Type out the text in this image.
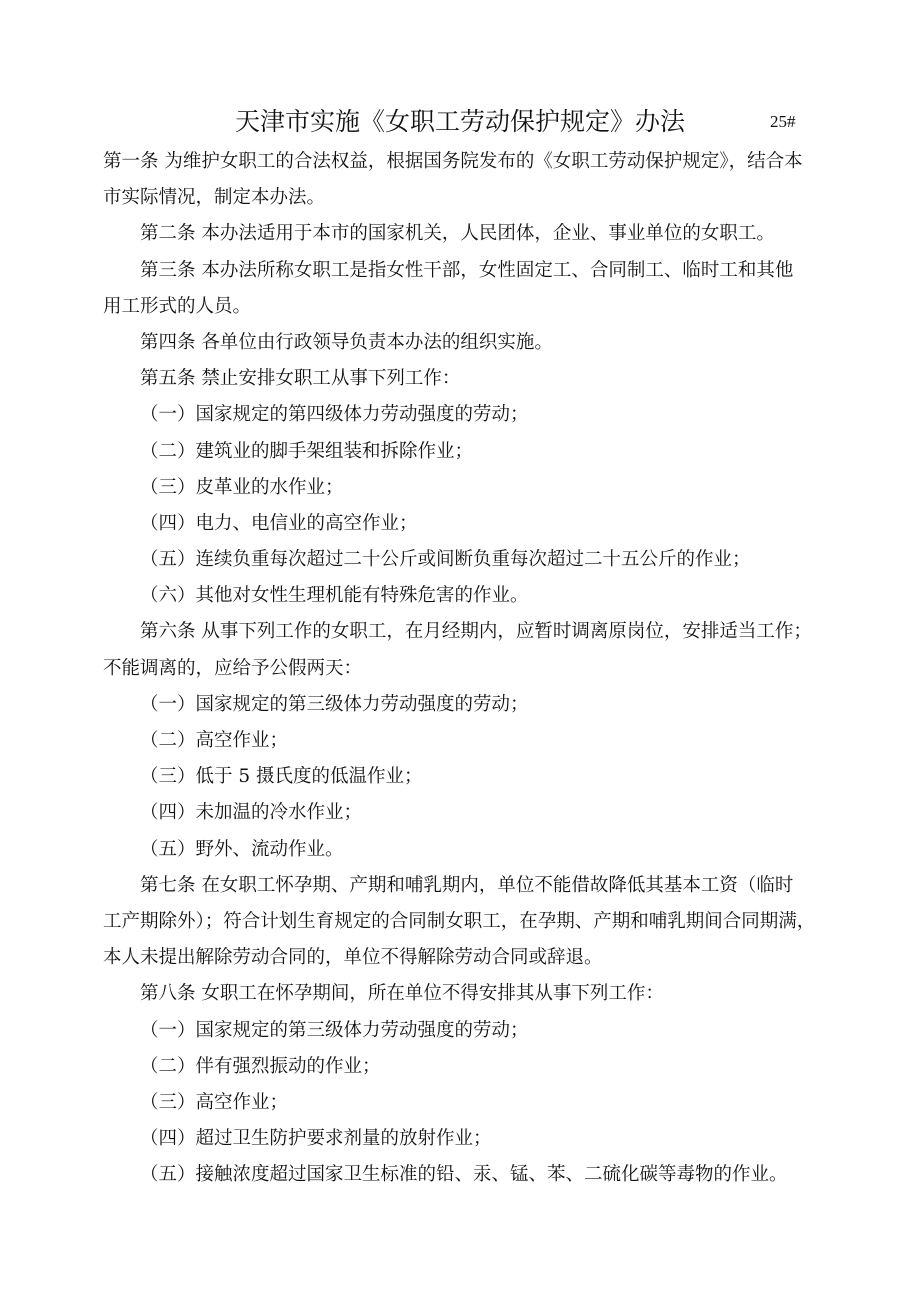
天津市实施《女职工劳动保护规定》办法	25#
第一条 为维护女职工的合法权益，根据国务院发布的《女职工劳动保护规定》，结合本
市实际情况，制定本办法。
第二条 本办法适用于本市的国家机关，人民团体，企业、事业单位的女职工。
第三条 本办法所称女职工是指女性干部，女性固定工、合同制工、临时工和其他
用工形式的人员。
第四条 各单位由行政领导负责本办法的组织实施。
第五条 禁止安排女职工从事下列工作：
（一）国家规定的第四级体力劳动强度的劳动；
（二）建筑业的脚手架组装和拆除作业；
（三）皮革业的水作业；
（四）电力、电信业的高空作业；
（五）连续负重每次超过二十公斤或间断负重每次超过二十五公斤的作业；
（六）其他对女性生理机能有特殊危害的作业。
第六条 从事下列工作的女职工，在月经期内，应暂时调离原岗位，安排适当工作；
不能调离的，应给予公假两天：
（一）国家规定的第三级体力劳动强度的劳动；
（二）高空作业；
（三）低于 5 摄氏度的低温作业；
（四）未加温的冷水作业；
（五）野外、流动作业。
第七条 在女职工怀孕期、产期和哺乳期内，单位不能借故降低其基本工资（临时
工产期除外）；符合计划生育规定的合同制女职工，在孕期、产期和哺乳期间合同期满，
本人未提出解除劳动合同的，单位不得解除劳动合同或辞退。
第八条 女职工在怀孕期间，所在单位不得安排其从事下列工作：
（一）国家规定的第三级体力劳动强度的劳动；
（二）伴有强烈振动的作业；
（三）高空作业；
（四）超过卫生防护要求剂量的放射作业；
（五）接触浓度超过国家卫生标准的铅、汞、锰、苯、二硫化碳等毒物的作业。
